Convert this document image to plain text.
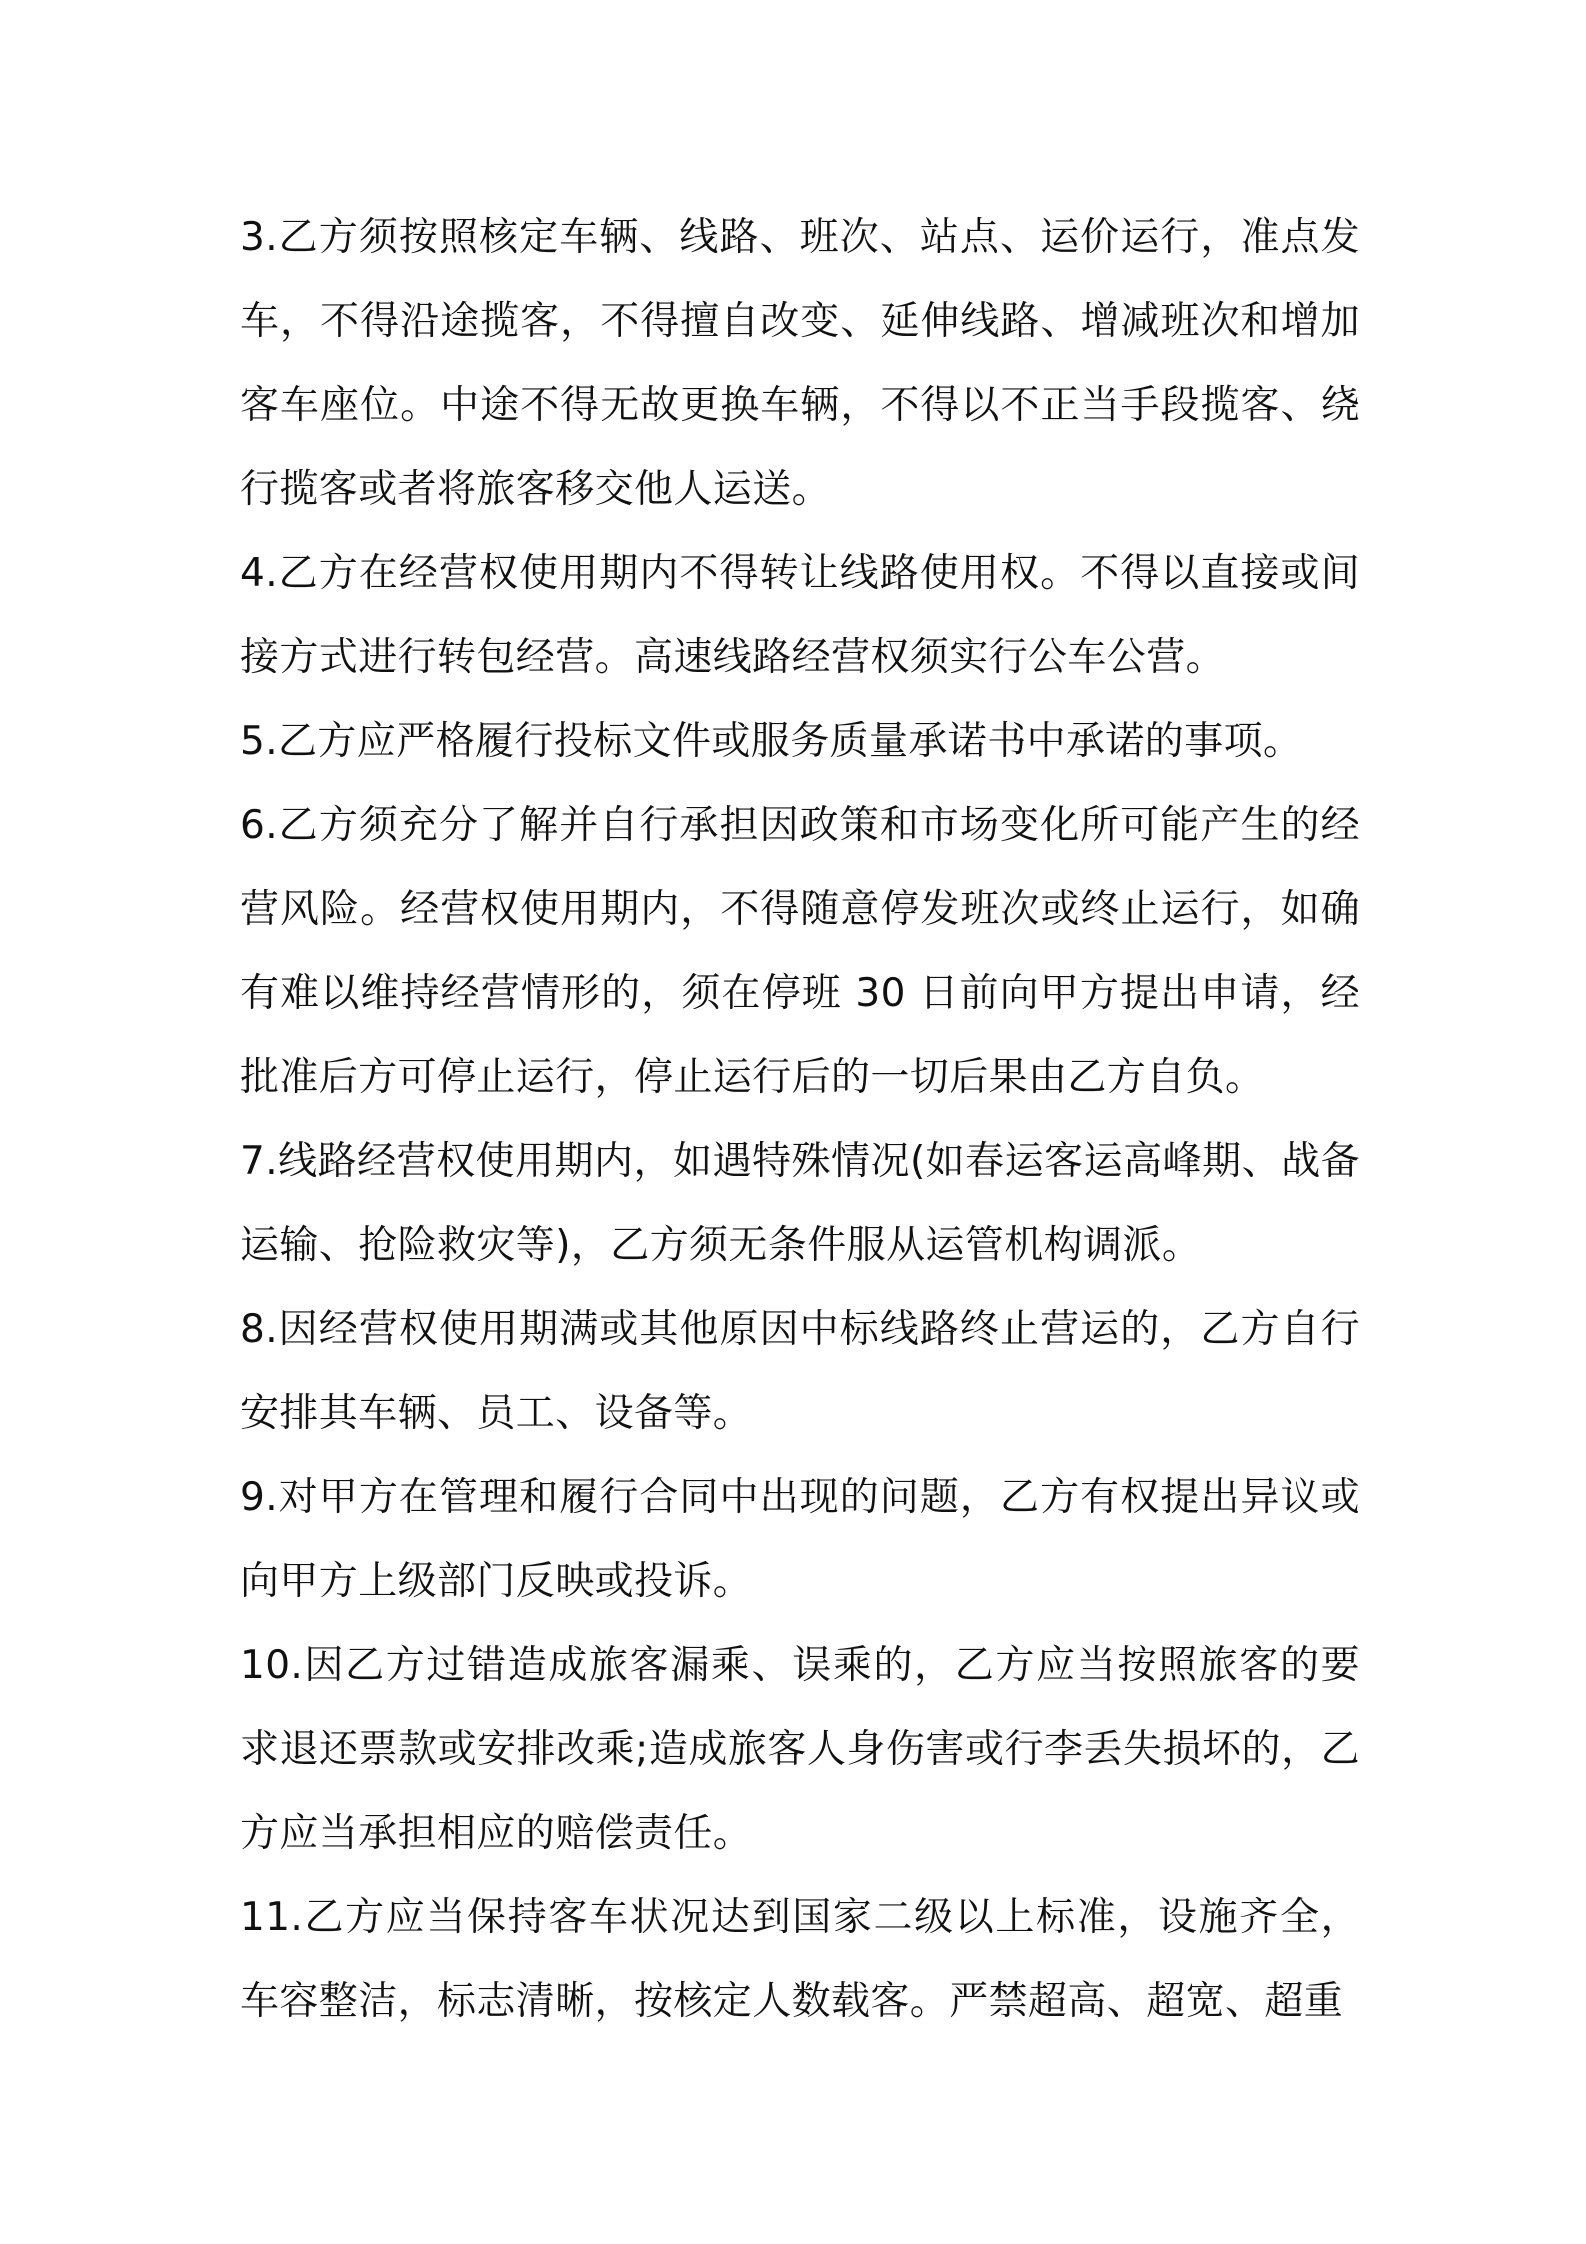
3.乙方须按照核定车辆、线路、班次、站点、运价运行，准点发车，不得沿途揽客，不得擅自改变、延伸线路、增减班次和增加客车座位。中途不得无故更换车辆，不得以不正当手段揽客、绕行揽客或者将旅客移交他人运送。

4.乙方在经营权使用期内不得转让线路使用权。不得以直接或间接方式进行转包经营。高速线路经营权须实行公车公营。

5.乙方应严格履行投标文件或服务质量承诺书中承诺的事项。

6.乙方须充分了解并自行承担因政策和市场变化所可能产生的经营风险。经营权使用期内，不得随意停发班次或终止运行，如确有难以维持经营情形的，须在停班 30 日前向甲方提出申请，经批准后方可停止运行，停止运行后的一切后果由乙方自负。

7.线路经营权使用期内，如遇特殊情况(如春运客运高峰期、战备运输、抢险救灾等)，乙方须无条件服从运管机构调派。

8.因经营权使用期满或其他原因中标线路终止营运的，乙方自行安排其车辆、员工、设备等。

9.对甲方在管理和履行合同中出现的问题，乙方有权提出异议或向甲方上级部门反映或投诉。

10.因乙方过错造成旅客漏乘、误乘的，乙方应当按照旅客的要求退还票款或安排改乘;造成旅客人身伤害或行李丢失损坏的，乙方应当承担相应的赔偿责任。

11.乙方应当保持客车状况达到国家二级以上标准，设施齐全，车容整洁，标志清晰，按核定人数载客。严禁超高、超宽、超重
